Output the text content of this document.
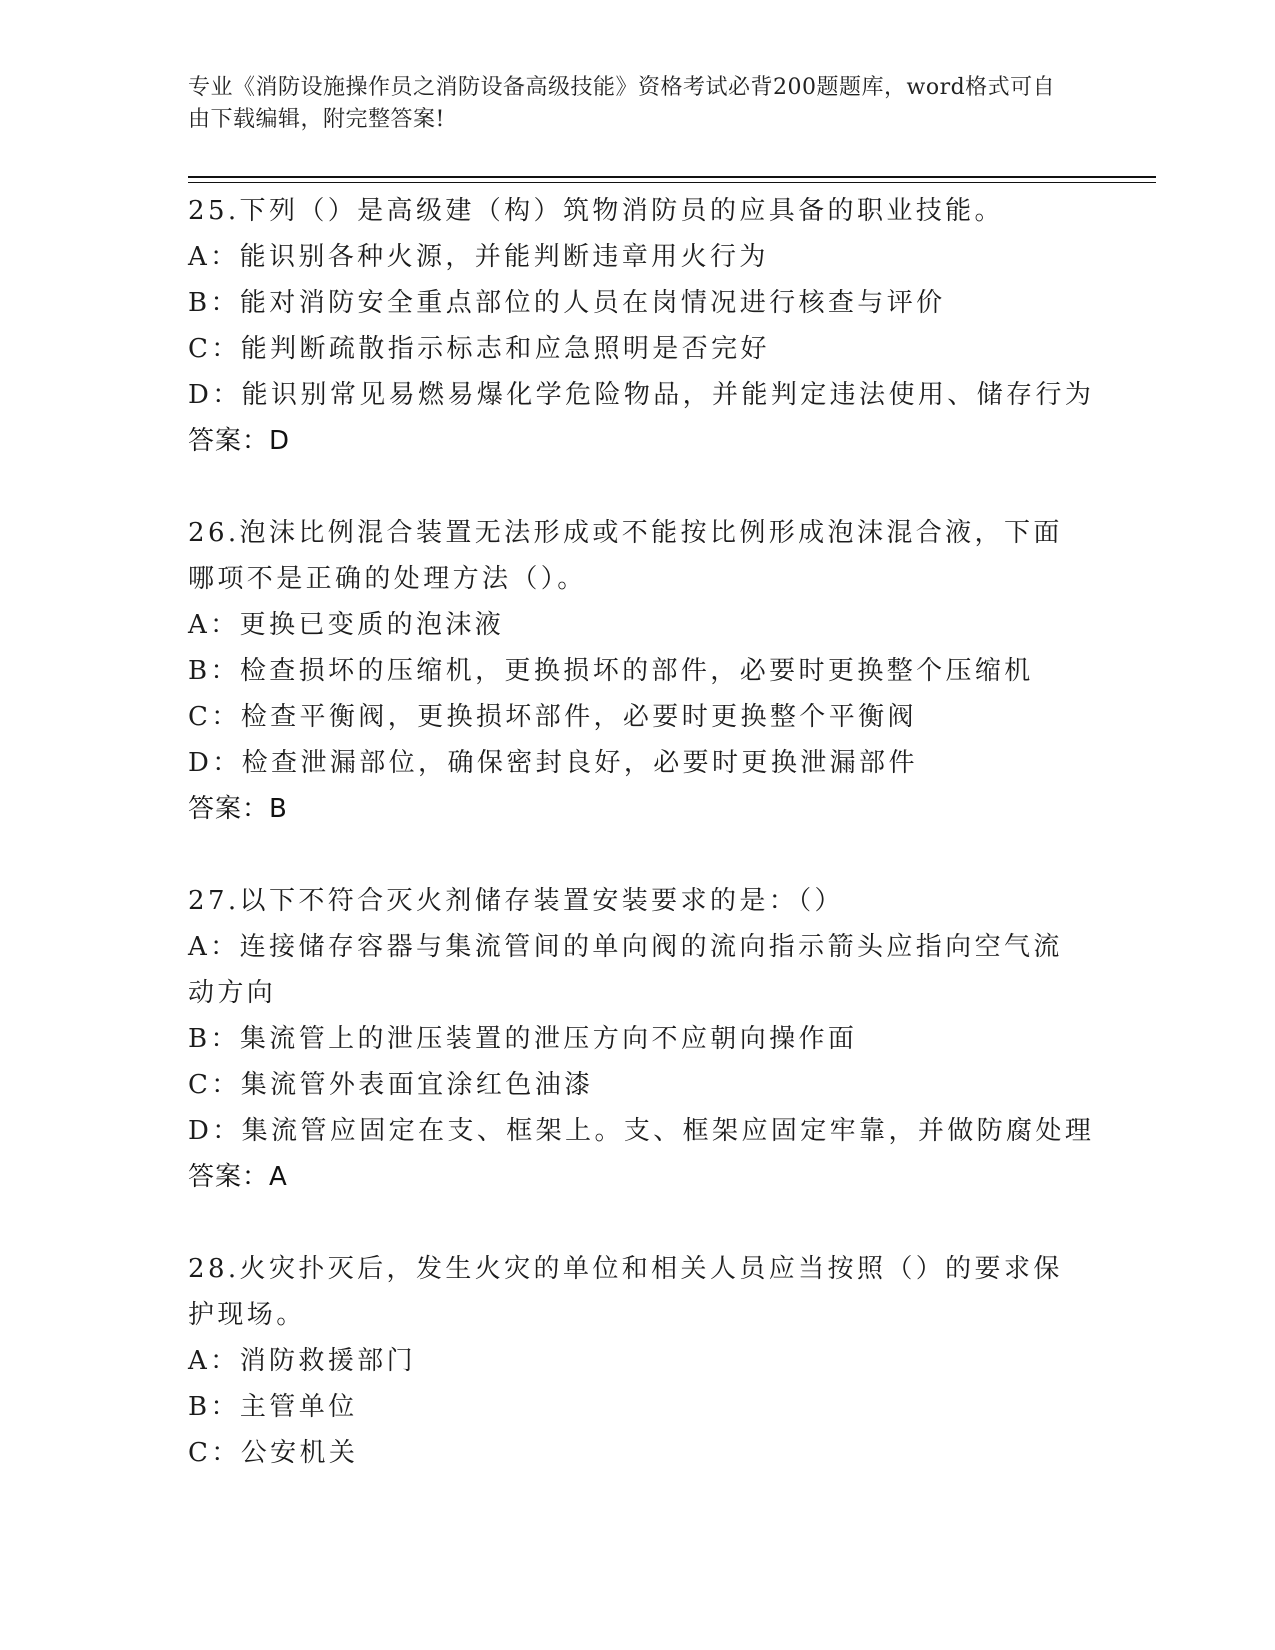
专业《消防设施操作员之消防设备高级技能》资格考试必背200题题库，word格式可自由下载编辑，附完整答案!
25.下列（）是高级建（构）筑物消防员的应具备的职业技能。
A：能识别各种火源，并能判断违章用火行为
B：能对消防安全重点部位的人员在岗情况进行核查与评价
C：能判断疏散指示标志和应急照明是否完好
D：能识别常见易燃易爆化学危险物品，并能判定违法使用、储存行为
答案：D
26.泡沫比例混合装置无法形成或不能按比例形成泡沫混合液，下面哪项不是正确的处理方法（）。
A：更换已变质的泡沫液
B：检查损坏的压缩机，更换损坏的部件，必要时更换整个压缩机
C：检查平衡阀，更换损坏部件，必要时更换整个平衡阀
D：检查泄漏部位，确保密封良好，必要时更换泄漏部件
答案：B
27.以下不符合灭火剂储存装置安装要求的是：（）
A：连接储存容器与集流管间的单向阀的流向指示箭头应指向空气流动方向
B：集流管上的泄压装置的泄压方向不应朝向操作面
C：集流管外表面宜涂红色油漆
D：集流管应固定在支、框架上。支、框架应固定牢靠，并做防腐处理
答案：A
28.火灾扑灭后，发生火灾的单位和相关人员应当按照（）的要求保护现场。
A：消防救援部门
B：主管单位
C：公安机关
